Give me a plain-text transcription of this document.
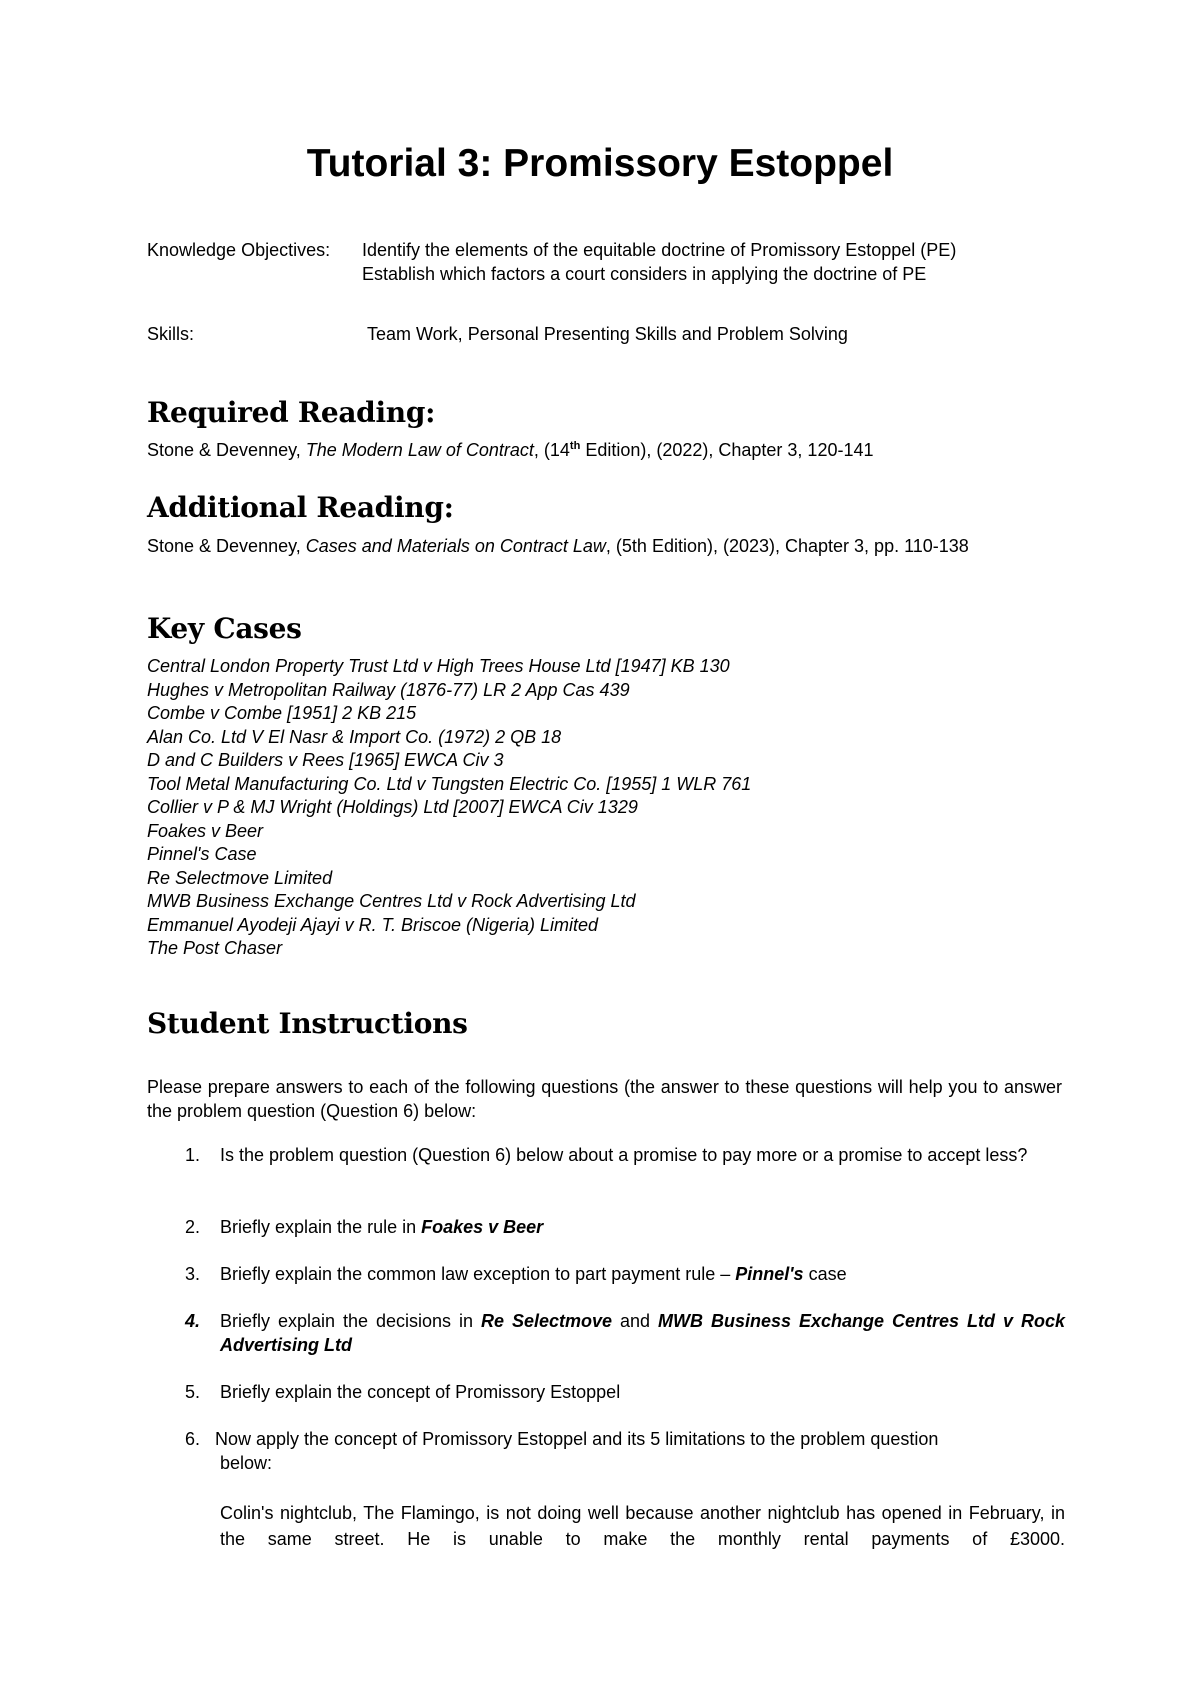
Tutorial 3: Promissory Estoppel
Knowledge Objectives: Identify the elements of the equitable doctrine of Promissory Estoppel (PE)
Establish which factors a court considers in applying the doctrine of PE
Skills:	Team Work, Personal Presenting Skills and Problem Solving
Required Reading:
Stone & Devenney, The Modern Law of Contract, (14th Edition), (2022), Chapter 3, 120-141
Additional Reading:
Stone & Devenney, Cases and Materials on Contract Law, (5th Edition), (2023), Chapter 3, pp. 110-138
Key Cases
Central London Property Trust Ltd v High Trees House Ltd [1947] KB 130
Hughes v Metropolitan Railway (1876-77) LR 2 App Cas 439
Combe v Combe [1951] 2 KB 215
Alan Co. Ltd V El Nasr & Import Co. (1972) 2 QB 18
D and C Builders v Rees [1965] EWCA Civ 3
Tool Metal Manufacturing Co. Ltd v Tungsten Electric Co. [1955] 1 WLR 761
Collier v P & MJ Wright (Holdings) Ltd [2007] EWCA Civ 1329
Foakes v Beer
Pinnel's Case
Re Selectmove Limited
MWB Business Exchange Centres Ltd v Rock Advertising Ltd
Emmanuel Ayodeji Ajayi v R. T. Briscoe (Nigeria) Limited
The Post Chaser
Student Instructions
Please prepare answers to each of the following questions (the answer to these questions will help you to answer the problem question (Question 6) below:
1.	Is the problem question (Question 6) below about a promise to pay more or a promise to accept less?
2.	Briefly explain the rule in Foakes v Beer
3.	Briefly explain the common law exception to part payment rule – Pinnel's case
4.	Briefly explain the decisions in Re Selectmove and MWB Business Exchange Centres Ltd v Rock Advertising Ltd
5.	Briefly explain the concept of Promissory Estoppel
6. Now apply the concept of Promissory Estoppel and its 5 limitations to the problem question
below:
Colin's nightclub, The Flamingo, is not doing well because another nightclub has opened in February, in the same street. He is unable to make the monthly rental payments of £3000.
